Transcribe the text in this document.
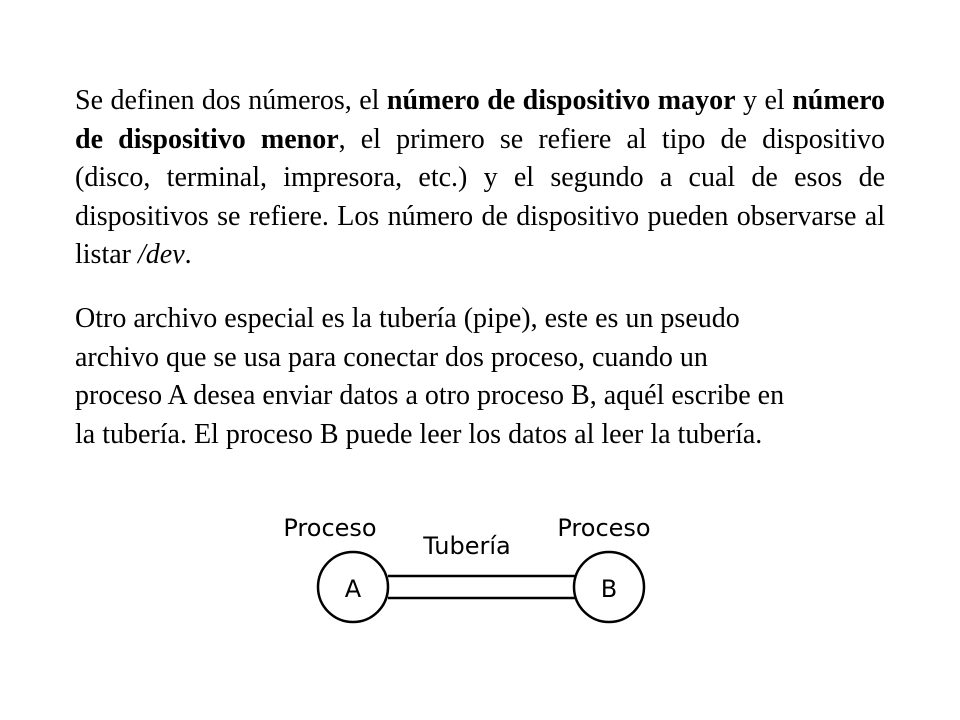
Se definen dos números, el número de dispositivo mayor y el número de dispositivo menor, el primero se refiere al tipo de dispositivo (disco, terminal, impresora, etc.) y el segundo a cual de esos de dispositivos se refiere. Los número de dispositivo pueden observarse al listar /dev.

Otro archivo especial es la tubería (pipe), este es un pseudo
archivo que se usa para conectar dos proceso, cuando un
proceso A desea enviar datos a otro proceso B, aquél escribe en
la tubería. El proceso B puede leer los datos al leer la tubería.

A	B
Proceso
Tubería
Proceso
